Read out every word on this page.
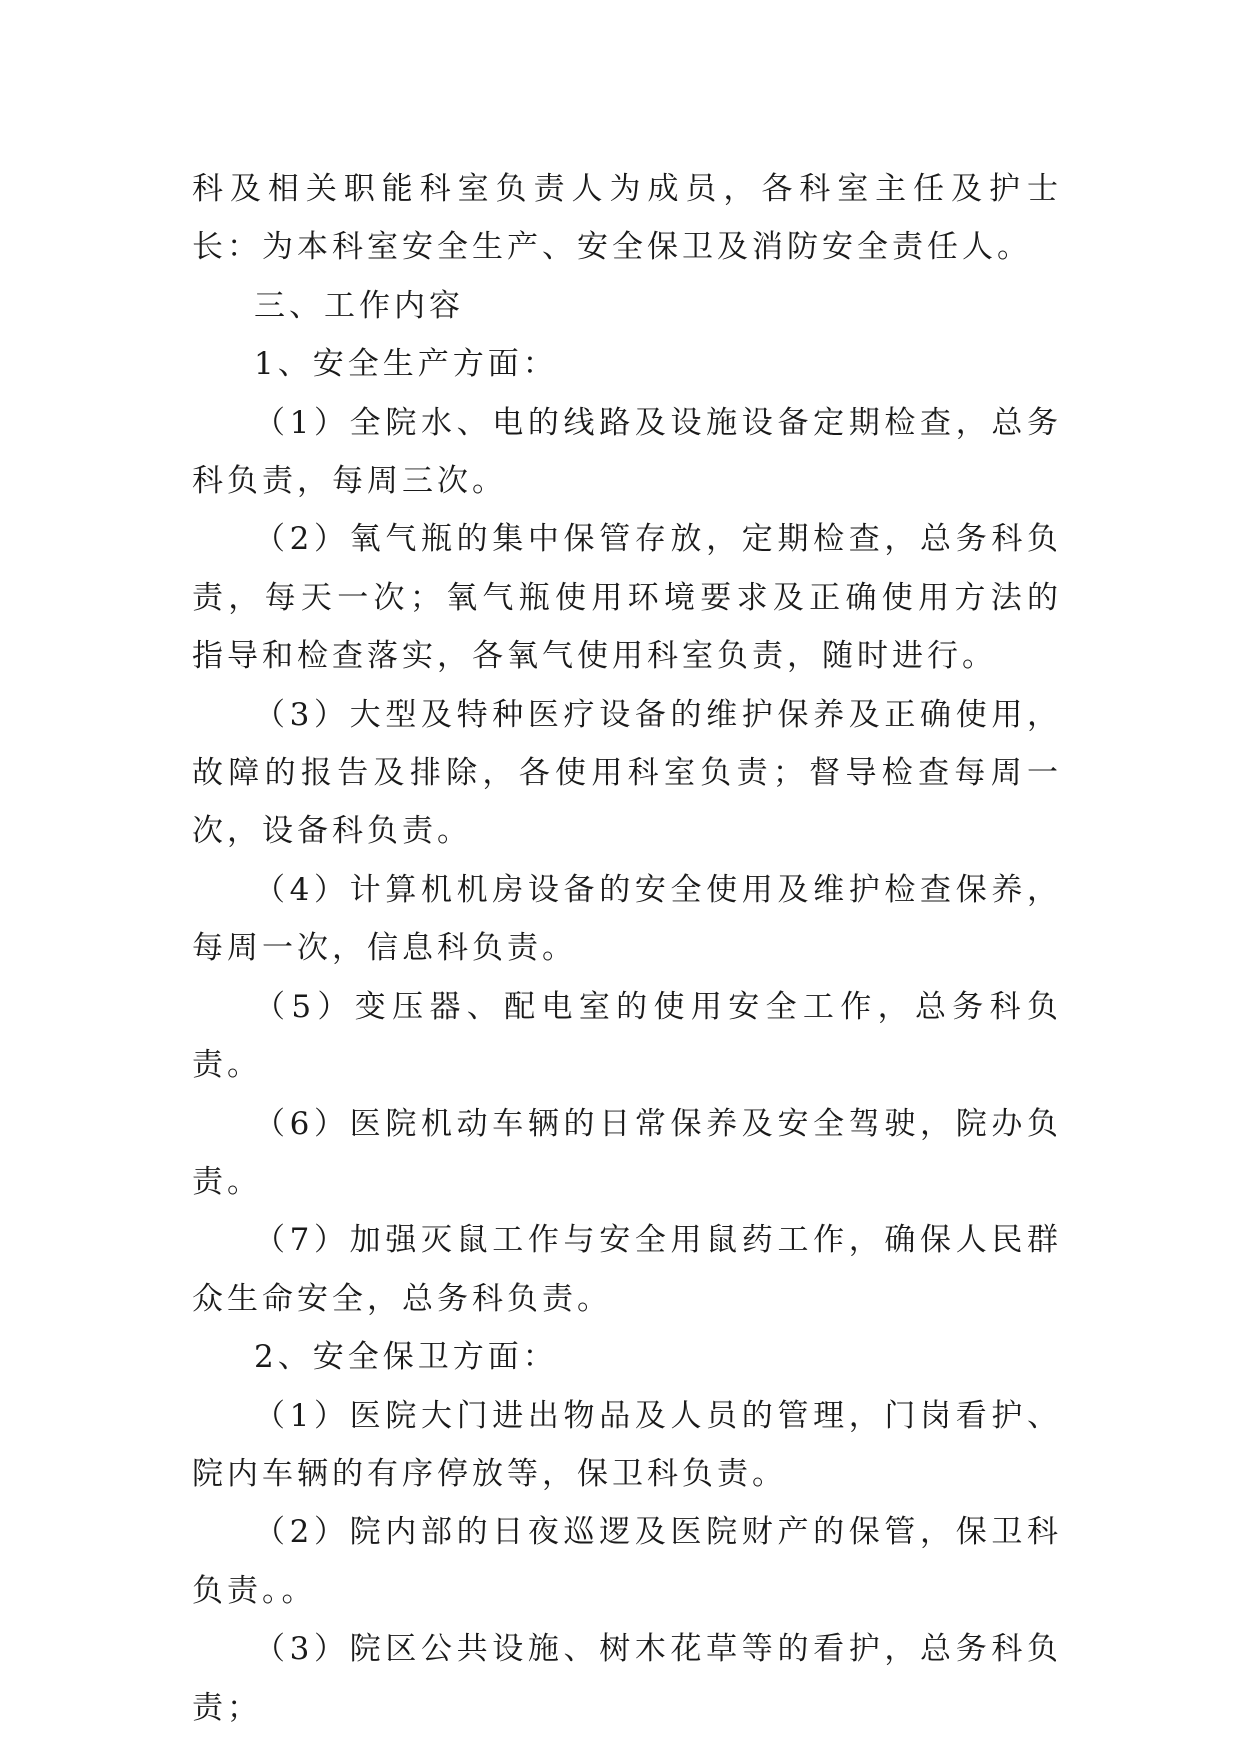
科及相关职能科室负责人为成员，各科室主任及护士长：为本科室安全生产、安全保卫及消防安全责任人。

三、工作内容

1、安全生产方面：

（1）全院水、电的线路及设施设备定期检查，总务科负责，每周三次。

（2）氧气瓶的集中保管存放，定期检查，总务科负责，每天一次；氧气瓶使用环境要求及正确使用方法的指导和检查落实，各氧气使用科室负责，随时进行。

（3）大型及特种医疗设备的维护保养及正确使用，故障的报告及排除，各使用科室负责；督导检查每周一次，设备科负责。

（4）计算机机房设备的安全使用及维护检查保养，每周一次，信息科负责。

（5）变压器、配电室的使用安全工作，总务科负责。

（6）医院机动车辆的日常保养及安全驾驶，院办负责。

（7）加强灭鼠工作与安全用鼠药工作，确保人民群众生命安全，总务科负责。

2、安全保卫方面：

（1）医院大门进出物品及人员的管理，门岗看护、院内车辆的有序停放等，保卫科负责。

（2）院内部的日夜巡逻及医院财产的保管，保卫科负责。。

（3）院区公共设施、树木花草等的看护，总务科负责；
